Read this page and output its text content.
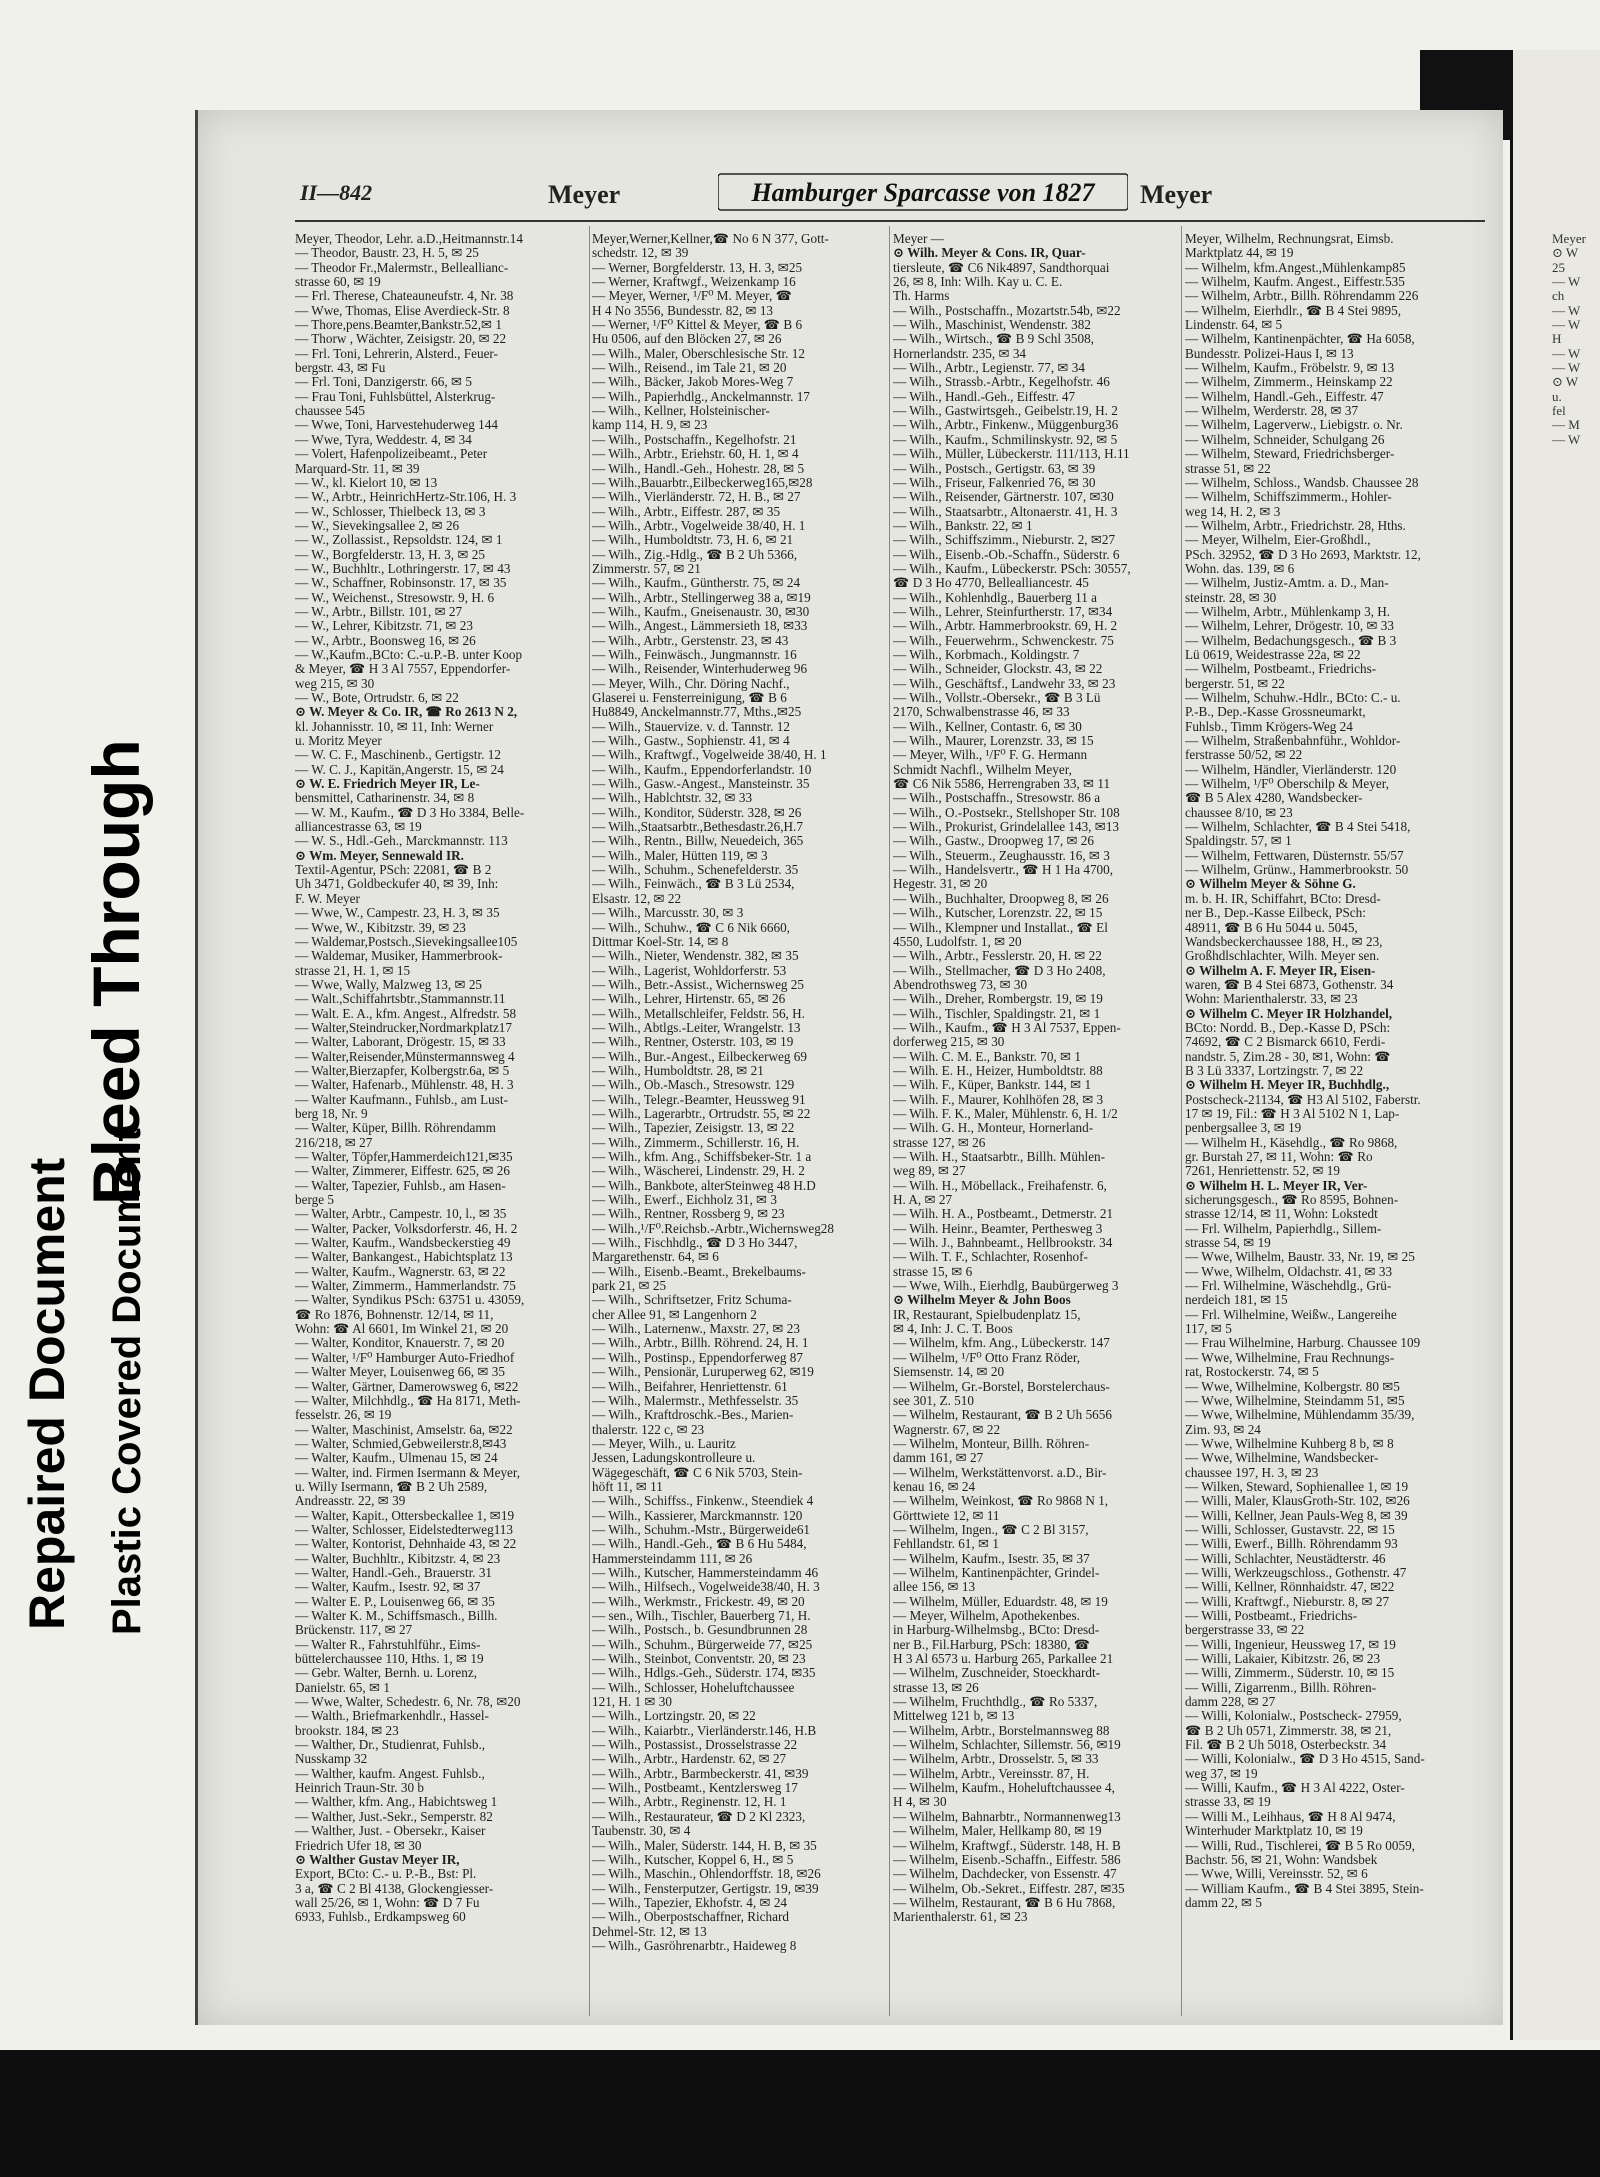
Bleed Through
Repaired Document Plastic Covered Document
II—842	Meyer	Hamburger Sparcasse von 1827 Meyer
Meyer, Theodor, Lehr. a.D.,Heitmannstr.14
— Theodor, Baustr. 23, H. 5, ✉ 25
— Theodor Fr.,Malermstr., Belleallianc-
strasse 60, ✉ 19
— Frl. Therese, Chateauneufstr. 4, Nr. 38
— Wwe, Thomas, Elise Averdieck-Str. 8
— Thore,pens.Beamter,Bankstr.52,✉ 1
— Thorw , Wächter, Zeisigstr. 20, ✉ 22
— Frl. Toni, Lehrerin, Alsterd., Feuer-
bergstr. 43, ✉ Fu
— Frl. Toni, Danzigerstr. 66, ✉ 5
— Frau Toni, Fuhlsbüttel, Alsterkrug-
chaussee 545
— Wwe, Toni, Harvestehuderweg 144
— Wwe, Tyra, Weddestr. 4, ✉ 34
— Volert, Hafenpolizeibeamt., Peter
Marquard-Str. 11, ✉ 39
— W., kl. Kielort 10, ✉ 13
— W., Arbtr., HeinrichHertz-Str.106, H. 3
— W., Schlosser, Thielbeck 13, ✉ 3
— W., Sievekingsallee 2, ✉ 26
— W., Zollassist., Repsoldstr. 124, ✉ 1
— W., Borgfelderstr. 13, H. 3, ✉ 25
— W., Buchhltr., Lothringerstr. 17, ✉ 43
— W., Schaffner, Robinsonstr. 17, ✉ 35
— W., Weichenst., Stresowstr. 9, H. 6
— W., Arbtr., Billstr. 101, ✉ 27
— W., Lehrer, Kibitzstr. 71, ✉ 23
— W., Arbtr., Boonsweg 16, ✉ 26
— W.,Kaufm.,BCto: C.-u.P.-B. unter Koop
& Meyer, ☎ H 3 Al 7557, Eppendorfer-
weg 215, ✉ 30
— W., Bote, Ortrudstr. 6, ✉ 22
⊙ W. Meyer & Co. IR, ☎ Ro 2613 N 2,
kl. Johannisstr. 10, ✉ 11, Inh: Werner
u. Moritz Meyer
— W. C. F., Maschinenb., Gertigstr. 12
— W. C. J., Kapitän,Angerstr. 15, ✉ 24
⊙ W. E. Friedrich Meyer IR, Le-
bensmittel, Catharinenstr. 34, ✉ 8
— W. M., Kaufm., ☎ D 3 Ho 3384, Belle-
alliancestrasse 63, ✉ 19
— W. S., Hdl.-Geh., Marckmannstr. 113
⊙ Wm. Meyer, Sennewald IR.
Textil-Agentur, PSch: 22081, ☎ B 2
Uh 3471, Goldbeckufer 40, ✉ 39, Inh:
F. W. Meyer
— Wwe, W., Campestr. 23, H. 3, ✉ 35
— Wwe, W., Kibitzstr. 39, ✉ 23
— Waldemar,Postsch.,Sievekingsallee105
— Waldemar, Musiker, Hammerbrook-
strasse 21, H. 1, ✉ 15
— Wwe, Wally, Malzweg 13, ✉ 25
— Walt.,Schiffahrtsbtr.,Stammannstr.11
— Walt. E. A., kfm. Angest., Alfredstr. 58
— Walter,Steindrucker,Nordmarkplatz17
— Walter, Laborant, Drögestr. 15, ✉ 33
— Walter,Reisender,Münstermannsweg 4
— Walter,Bierzapfer, Kolbergstr.6a, ✉ 5
— Walter, Hafenarb., Mühlenstr. 48, H. 3
— Walter Kaufmann., Fuhlsb., am Lust-
berg 18, Nr. 9
— Walter, Küper, Billh. Röhrendamm
216/218, ✉ 27
— Walter, Töpfer,Hammerdeich121,✉35
— Walter, Zimmerer, Eiffestr. 625, ✉ 26
— Walter, Tapezier, Fuhlsb., am Hasen-
berge 5
— Walter, Arbtr., Campestr. 10, l., ✉ 35
— Walter, Packer, Volksdorferstr. 46, H. 2
— Walter, Kaufm., Wandsbeckerstieg 49
— Walter, Bankangest., Habichtsplatz 13
— Walter, Kaufm., Wagnerstr. 63, ✉ 22
— Walter, Zimmerm., Hammerlandstr. 75
— Walter, Syndikus PSch: 63751 u. 43059,
☎ Ro 1876, Bohnenstr. 12/14, ✉ 11,
Wohn: ☎ Al 6601, Im Winkel 21, ✉ 20
— Walter, Konditor, Knauerstr. 7, ✉ 20
— Walter, ¹/F⁰ Hamburger Auto-Friedhof
— Walter Meyer, Louisenweg 66, ✉ 35
— Walter, Gärtner, Damerowsweg 6, ✉22
— Walter, Milchhdlg., ☎ Ha 8171, Meth-
fesselstr. 26, ✉ 19
— Walter, Maschinist, Amselstr. 6a, ✉22
— Walter, Schmied,Gebweilerstr.8,✉43
— Walter, Kaufm., Ulmenau 15, ✉ 24
— Walter, ind. Firmen Isermann & Meyer,
u. Willy Isermann, ☎ B 2 Uh 2589,
Andreasstr. 22, ✉ 39
— Walter, Kapit., Ottersbeckallee 1, ✉19
— Walter, Schlosser, Eidelstedterweg113
— Walter, Kontorist, Dehnhaide 43, ✉ 22
— Walter, Buchhltr., Kibitzstr. 4, ✉ 23
— Walter, Handl.-Geh., Brauerstr. 31
— Walter, Kaufm., Isestr. 92, ✉ 37
— Walter E. P., Louisenweg 66, ✉ 35
— Walter K. M., Schiffsmasch., Billh.
Brückenstr. 117, ✉ 27
— Walter R., Fahrstuhlführ., Eims-
büttelerchaussee 110, Hths. 1, ✉ 19
— Gebr. Walter, Bernh. u. Lorenz,
Danielstr. 65, ✉ 1
— Wwe, Walter, Schedestr. 6, Nr. 78, ✉20
— Walth., Briefmarkenhdlr., Hassel-
brookstr. 184, ✉ 23
— Walther, Dr., Studienrat, Fuhlsb.,
Nusskamp 32
— Walther, kaufm. Angest. Fuhlsb.,
Heinrich Traun-Str. 30 b
— Walther, kfm. Ang., Habichtsweg 1
— Walther, Just.-Sekr., Semperstr. 82
— Walther, Just. - Obersekr., Kaiser
Friedrich Ufer 18, ✉ 30
⊙ Walther Gustav Meyer IR,
Export, BCto: C.- u. P.-B., Bst: Pl.
3 a, ☎ C 2 Bl 4138, Glockengiesser-
wall 25/26, ✉ 1, Wohn: ☎ D 7 Fu
6933, Fuhlsb., Erdkampsweg 60
Meyer,Werner,Kellner,☎ No 6 N 377, Gott-
schedstr. 12, ✉ 39
— Werner, Borgfelderstr. 13, H. 3, ✉25
— Werner, Kraftwgf., Weizenkamp 16
— Meyer, Werner, ¹/F⁰ M. Meyer, ☎
H 4 No 3556, Bundesstr. 82, ✉ 13
— Werner, ¹/F⁰ Kittel & Meyer, ☎ B 6
Hu 0506, auf den Blöcken 27, ✉ 26
— Wilh., Maler, Oberschlesische Str. 12
— Wilh., Reisend., im Tale 21, ✉ 20
— Wilh., Bäcker, Jakob Mores-Weg 7
— Wilh., Papierhdlg., Anckelmannstr. 17
— Wilh., Kellner, Holsteinischer-
kamp 114, H. 9, ✉ 23
— Wilh., Postschaffn., Kegelhofstr. 21
— Wilh., Arbtr., Eriehstr. 60, H. 1, ✉ 4
— Wilh., Handl.-Geh., Hohestr. 28, ✉ 5
— Wilh.,Bauarbtr.,Eilbeckerweg165,✉28
— Wilh., Vierländerstr. 72, H. B., ✉ 27
— Wilh., Arbtr., Eiffestr. 287, ✉ 35
— Wilh., Arbtr., Vogelweide 38/40, H. 1
— Wilh., Humboldtstr. 73, H. 6, ✉ 21
— Wilh., Zig.-Hdlg., ☎ B 2 Uh 5366,
Zimmerstr. 57, ✉ 21
— Wilh., Kaufm., Güntherstr. 75, ✉ 24
— Wilh., Arbtr., Stellingerweg 38 a, ✉19
— Wilh., Kaufm., Gneisenaustr. 30, ✉30
— Wilh., Angest., Lämmersieth 18, ✉33
— Wilh., Arbtr., Gerstenstr. 23, ✉ 43
— Wilh., Feinwäsch., Jungmannstr. 16
— Wilh., Reisender, Winterhuderweg 96
— Meyer, Wilh., Chr. Döring Nachf.,
Glaserei u. Fensterreinigung, ☎ B 6
Hu8849, Anckelmannstr.77, Mths.,✉25
— Wilh., Stauervize. v. d. Tannstr. 12
— Wilh., Gastw., Sophienstr. 41, ✉ 4
— Wilh., Kraftwgf., Vogelweide 38/40, H. 1
— Wilh., Kaufm., Eppendorferlandstr. 10
— Wilh., Gasw.-Angest., Mansteinstr. 35
— Wilh., Hablchtstr. 32, ✉ 33
— Wilh., Konditor, Süderstr. 328, ✉ 26
— Wilh.,Staatsarbtr.,Bethesdastr.26,H.7
— Wilh., Rentn., Billw, Neuedeich, 365
— Wilh., Maler, Hütten 119, ✉ 3
— Wilh., Schuhm., Schenefelderstr. 35
— Wilh., Feinwäch., ☎ B 3 Lü 2534,
Elsastr. 12, ✉ 22
— Wilh., Marcusstr. 30, ✉ 3
— Wilh., Schuhw., ☎ C 6 Nik 6660,
Dittmar Koel-Str. 14, ✉ 8
— Wilh., Nieter, Wendenstr. 382, ✉ 35
— Wilh., Lagerist, Wohldorferstr. 53
— Wilh., Betr.-Assist., Wichernsweg 25
— Wilh., Lehrer, Hirtenstr. 65, ✉ 26
— Wilh., Metallschleifer, Feldstr. 56, H.
— Wilh., Abtlgs.-Leiter, Wrangelstr. 13
— Wilh., Rentner, Osterstr. 103, ✉ 19
— Wilh., Bur.-Angest., Eilbeckerweg 69
— Wilh., Humboldtstr. 28, ✉ 21
— Wilh., Ob.-Masch., Stresowstr. 129
— Wilh., Telegr.-Beamter, Heussweg 91
— Wilh., Lagerarbtr., Ortrudstr. 55, ✉ 22
— Wilh., Tapezier, Zeisigstr. 13, ✉ 22
— Wilh., Zimmerm., Schillerstr. 16, H.
— Wilh., kfm. Ang., Schiffsbeker-Str. 1 a
— Wilh., Wäscherei, Lindenstr. 29, H. 2
— Wilh., Bankbote, alterSteinweg 48 H.D
— Wilh., Ewerf., Eichholz 31, ✉ 3
— Wilh., Rentner, Rossberg 9, ✉ 23
— Wilh.,¹/F⁰.Reichsb.-Arbtr.,Wichernsweg28
— Wilh., Fischhdlg., ☎ D 3 Ho 3447,
Margarethenstr. 64, ✉ 6
— Wilh., Eisenb.-Beamt., Brekelbaums-
park 21, ✉ 25
— Wilh., Schriftsetzer, Fritz Schuma-
cher Allee 91, ✉ Langenhorn 2
— Wilh., Laternenw., Maxstr. 27, ✉ 23
— Wilh., Arbtr., Billh. Röhrend. 24, H. 1
— Wilh., Postinsp., Eppendorferweg 87
— Wilh., Pensionär, Luruperweg 62, ✉19
— Wilh., Beifahrer, Henriettenstr. 61
— Wilh., Malermstr., Methfesselstr. 35
— Wilh., Kraftdroschk.-Bes., Marien-
thalerstr. 122 c, ✉ 23
— Meyer, Wilh., u. Lauritz
Jessen, Ladungskontrolleure u.
Wägegeschäft, ☎ C 6 Nik 5703, Stein-
höft 11, ✉ 11
— Wilh., Schiffss., Finkenw., Steendiek 4
— Wilh., Kassierer, Marckmannstr. 120
— Wilh., Schuhm.-Mstr., Bürgerweide61
— Wilh., Handl.-Geh., ☎ B 6 Hu 5484,
Hammersteindamm 111, ✉ 26
— Wilh., Kutscher, Hammersteindamm 46
— Wilh., Hilfsech., Vogelweide38/40, H. 3
— Wilh., Werkmstr., Frickestr. 49, ✉ 20
— sen., Wilh., Tischler, Bauerberg 71, H.
— Wilh., Postsch., b. Gesundbrunnen 28
— Wilh., Schuhm., Bürgerweide 77, ✉25
— Wilh., Steinbot, Conventstr. 20, ✉ 23
— Wilh., Hdlgs.-Geh., Süderstr. 174, ✉35
— Wilh., Schlosser, Hoheluftchaussee
121, H. 1 ✉ 30
— Wilh., Lortzingstr. 20, ✉ 22
— Wilh., Kaiarbtr., Vierländerstr.146, H.B
— Wilh., Postassist., Drosselstrasse 22
— Wilh., Arbtr., Hardenstr. 62, ✉ 27
— Wilh., Arbtr., Barmbeckerstr. 41, ✉39
— Wilh., Postbeamt., Kentzlersweg 17
— Wilh., Arbtr., Reginenstr. 12, H. 1
— Wilh., Restaurateur, ☎ D 2 Kl 2323,
Taubenstr. 30, ✉ 4
— Wilh., Maler, Süderstr. 144, H. B, ✉ 35
— Wilh., Kutscher, Koppel 6, H., ✉ 5
— Wilh., Maschin., Ohlendorffstr. 18, ✉26
— Wilh., Fensterputzer, Gertigstr. 19, ✉39
— Wilh., Tapezier, Ekhofstr. 4, ✉ 24
— Wilh., Oberpostschaffner, Richard
Dehmel-Str. 12, ✉ 13
— Wilh., Gasröhrenarbtr., Haideweg 8
Meyer —
⊙ Wilh. Meyer & Cons. IR, Quar-
tiersleute, ☎ C6 Nik4897, Sandthorquai
26, ✉ 8, Inh: Wilh. Kay u. C. E.
Th. Harms
— Wilh., Postschaffn., Mozartstr.54b, ✉22
— Wilh., Maschinist, Wendenstr. 382
— Wilh., Wirtsch., ☎ B 9 Schl 3508,
Hornerlandstr. 235, ✉ 34
— Wilh., Arbtr., Legienstr. 77, ✉ 34
— Wilh., Strassb.-Arbtr., Kegelhofstr. 46
— Wilh., Handl.-Geh., Eiffestr. 47
— Wilh., Gastwirtsgeh., Geibelstr.19, H. 2
— Wilh., Arbtr., Finkenw., Müggenburg36
— Wilh., Kaufm., Schmilinskystr. 92, ✉ 5
— Wilh., Müller, Lübeckerstr. 111/113, H.11
— Wilh., Postsch., Gertigstr. 63, ✉ 39
— Wilh., Friseur, Falkenried 76, ✉ 30
— Wilh., Reisender, Gärtnerstr. 107, ✉30
— Wilh., Staatsarbtr., Altonaerstr. 41, H. 3
— Wilh., Bankstr. 22, ✉ 1
— Wilh., Schiffszimm., Nieburstr. 2, ✉27
— Wilh., Eisenb.-Ob.-Schaffn., Süderstr. 6
— Wilh., Kaufm., Lübeckerstr. PSch: 30557,
☎ D 3 Ho 4770, Bellealliancestr. 45
— Wilh., Kohlenhdlg., Bauerberg 11 a
— Wilh., Lehrer, Steinfurtherstr. 17, ✉34
— Wilh., Arbtr. Hammerbrookstr. 69, H. 2
— Wilh., Feuerwehrm., Schwenckestr. 75
— Wilh., Korbmach., Koldingstr. 7
— Wilh., Schneider, Glockstr. 43, ✉ 22
— Wilh., Geschäftsf., Landwehr 33, ✉ 23
— Wilh., Vollstr.-Obersekr., ☎ B 3 Lü
2170, Schwalbenstrasse 46, ✉ 33
— Wilh., Kellner, Contastr. 6, ✉ 30
— Wilh., Maurer, Lorenzstr. 33, ✉ 15
— Meyer, Wilh., ¹/F⁰ F. G. Hermann
Schmidt Nachfl., Wilhelm Meyer,
☎ C6 Nik 5586, Herrengraben 33, ✉ 11
— Wilh., Postschaffn., Stresowstr. 86 a
— Wilh., O.-Postsekr., Stellshoper Str. 108
— Wilh., Prokurist, Grindelallee 143, ✉13
— Wilh., Gastw., Droopweg 17, ✉ 26
— Wilh., Steuerm., Zeughausstr. 16, ✉ 3
— Wilh., Handelsvertr., ☎ H 1 Ha 4700,
Hegestr. 31, ✉ 20
— Wilh., Buchhalter, Droopweg 8, ✉ 26
— Wilh., Kutscher, Lorenzstr. 22, ✉ 15
— Wilh., Klempner und Installat., ☎ El
4550, Ludolfstr. 1, ✉ 20
— Wilh., Arbtr., Fesslerstr. 20, H. ✉ 22
— Wilh., Stellmacher, ☎ D 3 Ho 2408,
Abendrothsweg 73, ✉ 30
— Wilh., Dreher, Rombergstr. 19, ✉ 19
— Wilh., Tischler, Spaldingstr. 21, ✉ 1
— Wilh., Kaufm., ☎ H 3 Al 7537, Eppen-
dorferweg 215, ✉ 30
— Wilh. C. M. E., Bankstr. 70, ✉ 1
— Wilh. E. H., Heizer, Humboldtstr. 88
— Wilh. F., Küper, Bankstr. 144, ✉ 1
— Wilh. F., Maurer, Kohlhöfen 28, ✉ 3
— Wilh. F. K., Maler, Mühlenstr. 6, H. 1/2
— Wilh. G. H., Monteur, Hornerland-
strasse 127, ✉ 26
— Wilh. H., Staatsarbtr., Billh. Mühlen-
weg 89, ✉ 27
— Wilh. H., Möbellack., Freihafenstr. 6,
H. A, ✉ 27
— Wilh. H. A., Postbeamt., Detmerstr. 21
— Wilh. Heinr., Beamter, Perthesweg 3
— Wilh. J., Bahnbeamt., Hellbrookstr. 34
— Wilh. T. F., Schlachter, Rosenhof-
strasse 15, ✉ 6
— Wwe, Wilh., Eierhdlg, Baubürgerweg 3
⊙ Wilhelm Meyer & John Boos
IR, Restaurant, Spielbudenplatz 15,
✉ 4, Inh: J. C. T. Boos
— Wilhelm, kfm. Ang., Lübeckerstr. 147
— Wilhelm, ¹/F⁰ Otto Franz Röder,
Siemsenstr. 14, ✉ 20
— Wilhelm, Gr.-Borstel, Borstelerchaus-
see 301, Z. 510
— Wilhelm, Restaurant, ☎ B 2 Uh 5656
Wagnerstr. 67, ✉ 22
— Wilhelm, Monteur, Billh. Röhren-
damm 161, ✉ 27
— Wilhelm, Werkstättenvorst. a.D., Bir-
kenau 16, ✉ 24
— Wilhelm, Weinkost, ☎ Ro 9868 N 1,
Görttwiete 12, ✉ 11
— Wilhelm, Ingen., ☎ C 2 Bl 3157,
Fehllandstr. 61, ✉ 1
— Wilhelm, Kaufm., Isestr. 35, ✉ 37
— Wilhelm, Kantinenpächter, Grindel-
allee 156, ✉ 13
— Wilhelm, Müller, Eduardstr. 48, ✉ 19
— Meyer, Wilhelm, Apothekenbes.
in Harburg-Wilhelmsbg., BCto: Dresd-
ner B., Fil.Harburg, PSch: 18380, ☎
H 3 Al 6573 u. Harburg 265, Parkallee 21
— Wilhelm, Zuschneider, Stoeckhardt-
strasse 13, ✉ 26
— Wilhelm, Fruchthdlg., ☎ Ro 5337,
Mittelweg 121 b, ✉ 13
— Wilhelm, Arbtr., Borstelmannsweg 88
— Wilhelm, Schlachter, Sillemstr. 56, ✉19
— Wilhelm, Arbtr., Drosselstr. 5, ✉ 33
— Wilhelm, Arbtr., Vereinsstr. 87, H.
— Wilhelm, Kaufm., Hoheluftchaussee 4,
H 4, ✉ 30
— Wilhelm, Bahnarbtr., Normannenweg13
— Wilhelm, Maler, Hellkamp 80, ✉ 19
— Wilhelm, Kraftwgf., Süderstr. 148, H. B
— Wilhelm, Eisenb.-Schaffn., Eiffestr. 586
— Wilhelm, Dachdecker, von Essenstr. 47
— Wilhelm, Ob.-Sekret., Eiffestr. 287, ✉35
— Wilhelm, Restaurant, ☎ B 6 Hu 7868,
Marienthalerstr. 61, ✉ 23
Meyer, Wilhelm, Rechnungsrat, Eimsb.
Marktplatz 44, ✉ 19
— Wilhelm, kfm.Angest.,Mühlenkamp85
— Wilhelm, Kaufm. Angest., Eiffestr.535
— Wilhelm, Arbtr., Billh. Röhrendamm 226
— Wilhelm, Eierhdlr., ☎ B 4 Stei 9895,
Lindenstr. 64, ✉ 5
— Wilhelm, Kantinenpächter, ☎ Ha 6058,
Bundesstr. Polizei-Haus I, ✉ 13
— Wilhelm, Kaufm., Fröbelstr. 9, ✉ 13
— Wilhelm, Zimmerm., Heinskamp 22
— Wilhelm, Handl.-Geh., Eiffestr. 47
— Wilhelm, Werderstr. 28, ✉ 37
— Wilhelm, Lagerverw., Liebigstr. o. Nr.
— Wilhelm, Schneider, Schulgang 26
— Wilhelm, Steward, Friedrichsberger-
strasse 51, ✉ 22
— Wilhelm, Schloss., Wandsb. Chaussee 28
— Wilhelm, Schiffszimmerm., Hohler-
weg 14, H. 2, ✉ 3
— Wilhelm, Arbtr., Friedrichstr. 28, Hths.
— Meyer, Wilhelm, Eier-Großhdl.,
PSch. 32952, ☎ D 3 Ho 2693, Marktstr. 12,
Wohn. das. 139, ✉ 6
— Wilhelm, Justiz-Amtm. a. D., Man-
steinstr. 28, ✉ 30
— Wilhelm, Arbtr., Mühlenkamp 3, H.
— Wilhelm, Lehrer, Drögestr. 10, ✉ 33
— Wilhelm, Bedachungsgesch., ☎ B 3
Lü 0619, Weidestrasse 22a, ✉ 22
— Wilhelm, Postbeamt., Friedrichs-
bergerstr. 51, ✉ 22
— Wilhelm, Schuhw.-Hdlr., BCto: C.- u.
P.-B., Dep.-Kasse Grossneumarkt,
Fuhlsb., Timm Krögers-Weg 24
— Wilhelm, Straßenbahnführ., Wohldor-
ferstrasse 50/52, ✉ 22
— Wilhelm, Händler, Vierländerstr. 120
— Wilhelm, ¹/F⁰ Oberschilp & Meyer,
☎ B 5 Alex 4280, Wandsbecker-
chaussee 8/10, ✉ 23
— Wilhelm, Schlachter, ☎ B 4 Stei 5418,
Spaldingstr. 57, ✉ 1
— Wilhelm, Fettwaren, Düsternstr. 55/57
— Wilhelm, Grünw., Hammerbrookstr. 50
⊙ Wilhelm Meyer & Söhne G.
m. b. H. IR, Schiffahrt, BCto: Dresd-
ner B., Dep.-Kasse Eilbeck, PSch:
48911, ☎ B 6 Hu 5044 u. 5045,
Wandsbeckerchaussee 188, H., ✉ 23,
Großhdlschlachter, Wilh. Meyer sen.
⊙ Wilhelm A. F. Meyer IR, Eisen-
waren, ☎ B 4 Stei 6873, Gothenstr. 34
Wohn: Marienthalerstr. 33, ✉ 23
⊙ Wilhelm C. Meyer IR Holzhandel,
BCto: Nordd. B., Dep.-Kasse D, PSch:
74692, ☎ C 2 Bismarck 6610, Ferdi-
nandstr. 5, Zim.28 - 30, ✉1, Wohn: ☎
B 3 Lü 3337, Lortzingstr. 7, ✉ 22
⊙ Wilhelm H. Meyer IR, Buchhdlg.,
Postscheck-21134, ☎ H3 Al 5102, Faberstr.
17 ✉ 19, Fil.: ☎ H 3 Al 5102 N 1, Lap-
penbergsallee 3, ✉ 19
— Wilhelm H., Käsehdlg., ☎ Ro 9868,
gr. Burstah 27, ✉ 11, Wohn: ☎ Ro
7261, Henriettenstr. 52, ✉ 19
⊙ Wilhelm H. L. Meyer IR, Ver-
sicherungsgesch., ☎ Ro 8595, Bohnen-
strasse 12/14, ✉ 11, Wohn: Lokstedt
— Frl. Wilhelm, Papierhdlg., Sillem-
strasse 54, ✉ 19
— Wwe, Wilhelm, Baustr. 33, Nr. 19, ✉ 25
— Wwe, Wilhelm, Oldachstr. 41, ✉ 33
— Frl. Wilhelmine, Wäschehdlg., Grü-
nerdeich 181, ✉ 15
— Frl. Wilhelmine, Weißw., Langereihe
117, ✉ 5
— Frau Wilhelmine, Harburg. Chaussee 109
— Wwe, Wilhelmine, Frau Rechnungs-
rat, Rostockerstr. 74, ✉ 5
— Wwe, Wilhelmine, Kolbergstr. 80 ✉5
— Wwe, Wilhelmine, Steindamm 51, ✉5
— Wwe, Wilhelmine, Mühlendamm 35/39,
Zim. 93, ✉ 24
— Wwe, Wilhelmine Kuhberg 8 b, ✉ 8
— Wwe, Wilhelmine, Wandsbecker-
chaussee 197, H. 3, ✉ 23
— Wilken, Steward, Sophienallee 1, ✉ 19
— Willi, Maler, KlausGroth-Str. 102, ✉26
— Willi, Kellner, Jean Pauls-Weg 8, ✉ 39
— Willi, Schlosser, Gustavstr. 22, ✉ 15
— Willi, Ewerf., Billh. Röhrendamm 93
— Willi, Schlachter, Neustädterstr. 46
— Willi, Werkzeugschloss., Gothenstr. 47
— Willi, Kellner, Rönnhaidstr. 47, ✉22
— Willi, Kraftwgf., Nieburstr. 8, ✉ 27
— Willi, Postbeamt., Friedrichs-
bergerstrasse 33, ✉ 22
— Willi, Ingenieur, Heussweg 17, ✉ 19
— Willi, Lakaier, Kibitzstr. 26, ✉ 23
— Willi, Zimmerm., Süderstr. 10, ✉ 15
— Willi, Zigarrenm., Billh. Röhren-
damm 228, ✉ 27
— Willi, Kolonialw., Postscheck- 27959,
☎ B 2 Uh 0571, Zimmerstr. 38, ✉ 21,
Fil. ☎ B 2 Uh 5018, Osterbeckstr. 34
— Willi, Kolonialw., ☎ D 3 Ho 4515, Sand-
weg 37, ✉ 19
— Willi, Kaufm., ☎ H 3 Al 4222, Oster-
strasse 33, ✉ 19
— Willi M., Leihhaus, ☎ H 8 Al 9474,
Winterhuder Marktplatz 10, ✉ 19
— Willi, Rud., Tischlerei, ☎ B 5 Ro 0059,
Bachstr. 56, ✉ 21, Wohn: Wandsbek
— Wwe, Willi, Vereinsstr. 52, ✉ 6
— William Kaufm., ☎ B 4 Stei 3895, Stein-
damm 22, ✉ 5
Meyer
⊙ W
25
— W
ch
— W
— W
H
— W
— W
⊙ W
u.
fel
— M
— W
